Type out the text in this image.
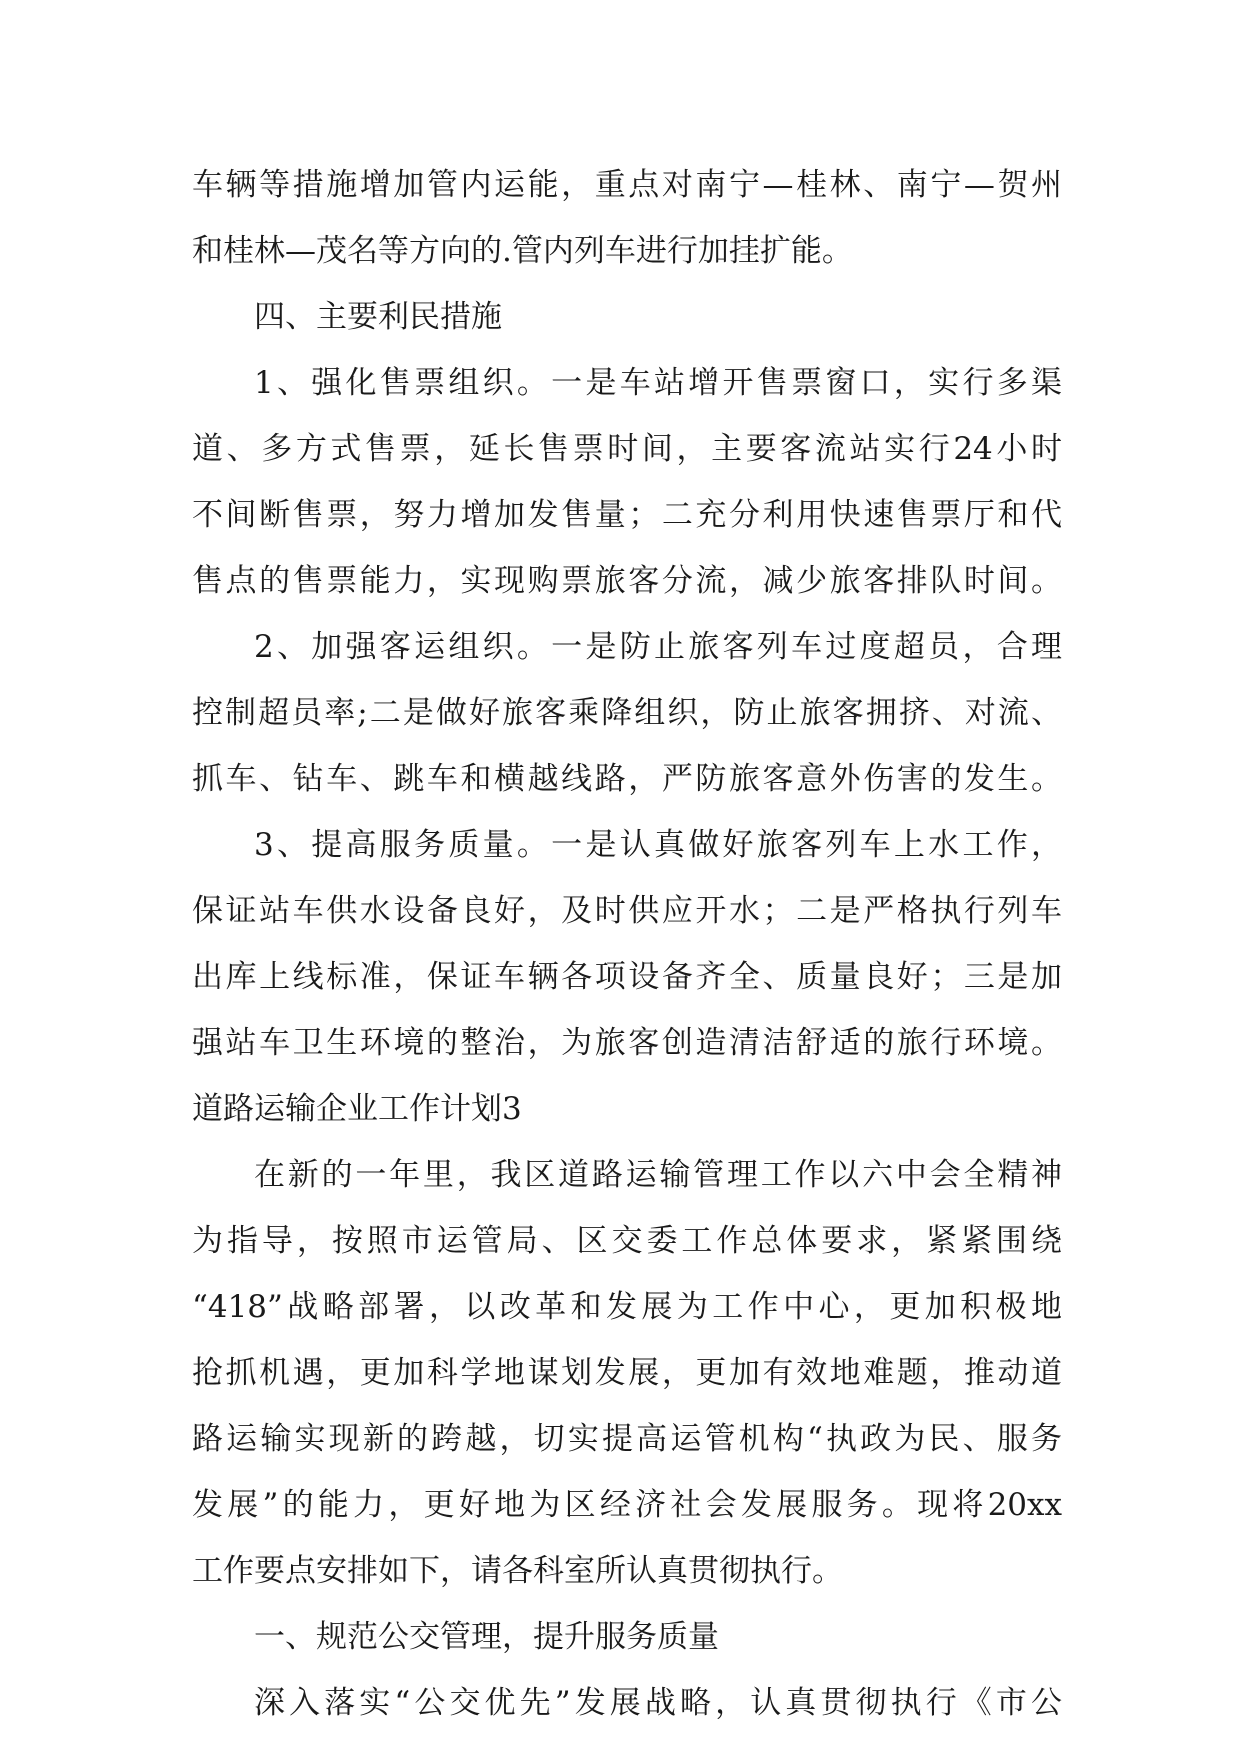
车辆等措施增加管内运能，重点对南宁—桂林、南宁—贺州
和桂林—茂名等方向的.管内列车进行加挂扩能。
四、主要利民措施
1、强化售票组织。一是车站增开售票窗口，实行多渠
道、多方式售票，延长售票时间，主要客流站实行24小时
不间断售票，努力增加发售量；二充分利用快速售票厅和代
售点的售票能力，实现购票旅客分流，减少旅客排队时间。
2、加强客运组织。一是防止旅客列车过度超员，合理
控制超员率;二是做好旅客乘降组织，防止旅客拥挤、对流、
抓车、钻车、跳车和横越线路，严防旅客意外伤害的发生。
3、提高服务质量。一是认真做好旅客列车上水工作，
保证站车供水设备良好，及时供应开水；二是严格执行列车
出库上线标准，保证车辆各项设备齐全、质量良好；三是加
强站车卫生环境的整治，为旅客创造清洁舒适的旅行环境。
道路运输企业工作计划3
在新的一年里，我区道路运输管理工作以六中会全精神
为指导，按照市运管局、区交委工作总体要求，紧紧围绕
“418”战略部署，以改革和发展为工作中心，更加积极地
抢抓机遇，更加科学地谋划发展，更加有效地难题，推动道
路运输实现新的跨越，切实提高运管机构“执政为民、服务
发展”的能力，更好地为区经济社会发展服务。现将20xx
工作要点安排如下，请各科室所认真贯彻执行。
一、规范公交管理，提升服务质量
深入落实“公交优先”发展战略，认真贯彻执行《市公
